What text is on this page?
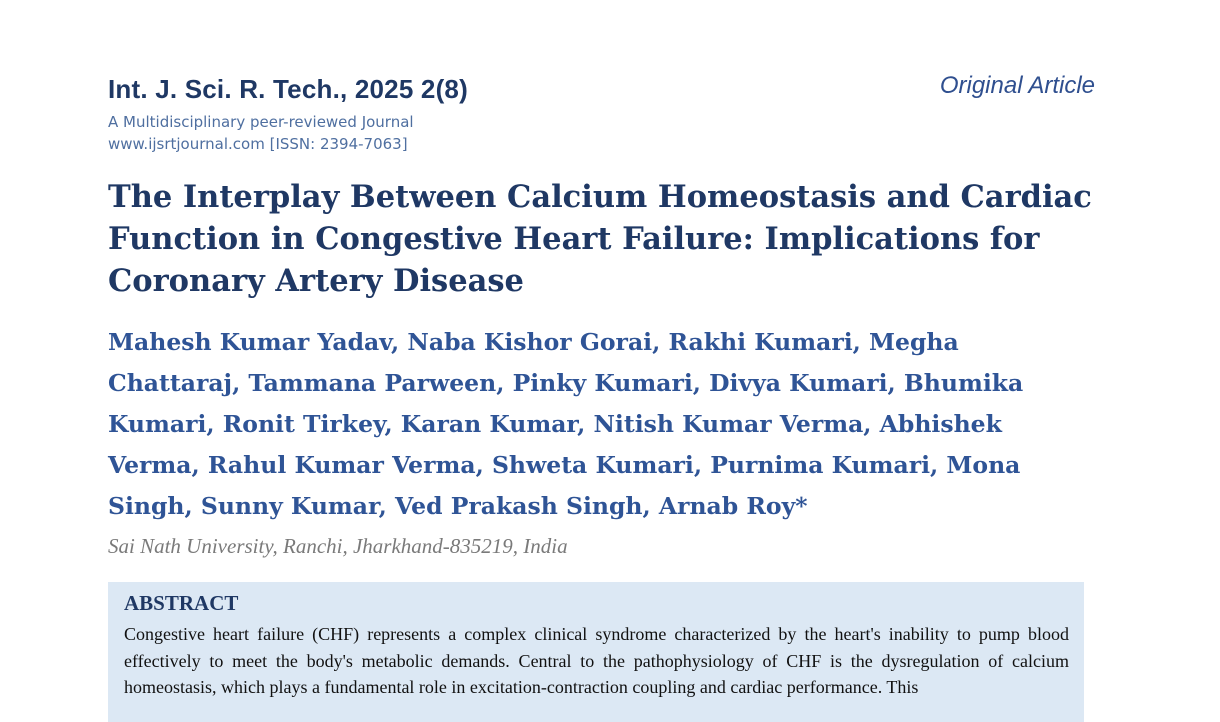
Int. J. Sci. R. Tech., 2025 2(8)
A Multidisciplinary peer-reviewed Journal
www.ijsrtjournal.com [ISSN: 2394-7063]
Original Article
The Interplay Between Calcium Homeostasis and Cardiac Function in Congestive Heart Failure: Implications for Coronary Artery Disease

Mahesh Kumar Yadav, Naba Kishor Gorai, Rakhi Kumari, Megha Chattaraj, Tammana Parween, Pinky Kumari, Divya Kumari, Bhumika Kumari, Ronit Tirkey, Karan Kumar, Nitish Kumar Verma, Abhishek Verma, Rahul Kumar Verma, Shweta Kumari, Purnima Kumari, Mona Singh, Sunny Kumar, Ved Prakash Singh, Arnab Roy*

Sai Nath University, Ranchi, Jharkhand-835219, India
ABSTRACT

Congestive heart failure (CHF) represents a complex clinical syndrome characterized by the heart's inability to pump blood effectively to meet the body's metabolic demands. Central to the pathophysiology of CHF is the dysregulation of calcium homeostasis, which plays a fundamental role in excitation-contraction coupling and cardiac performance. This
